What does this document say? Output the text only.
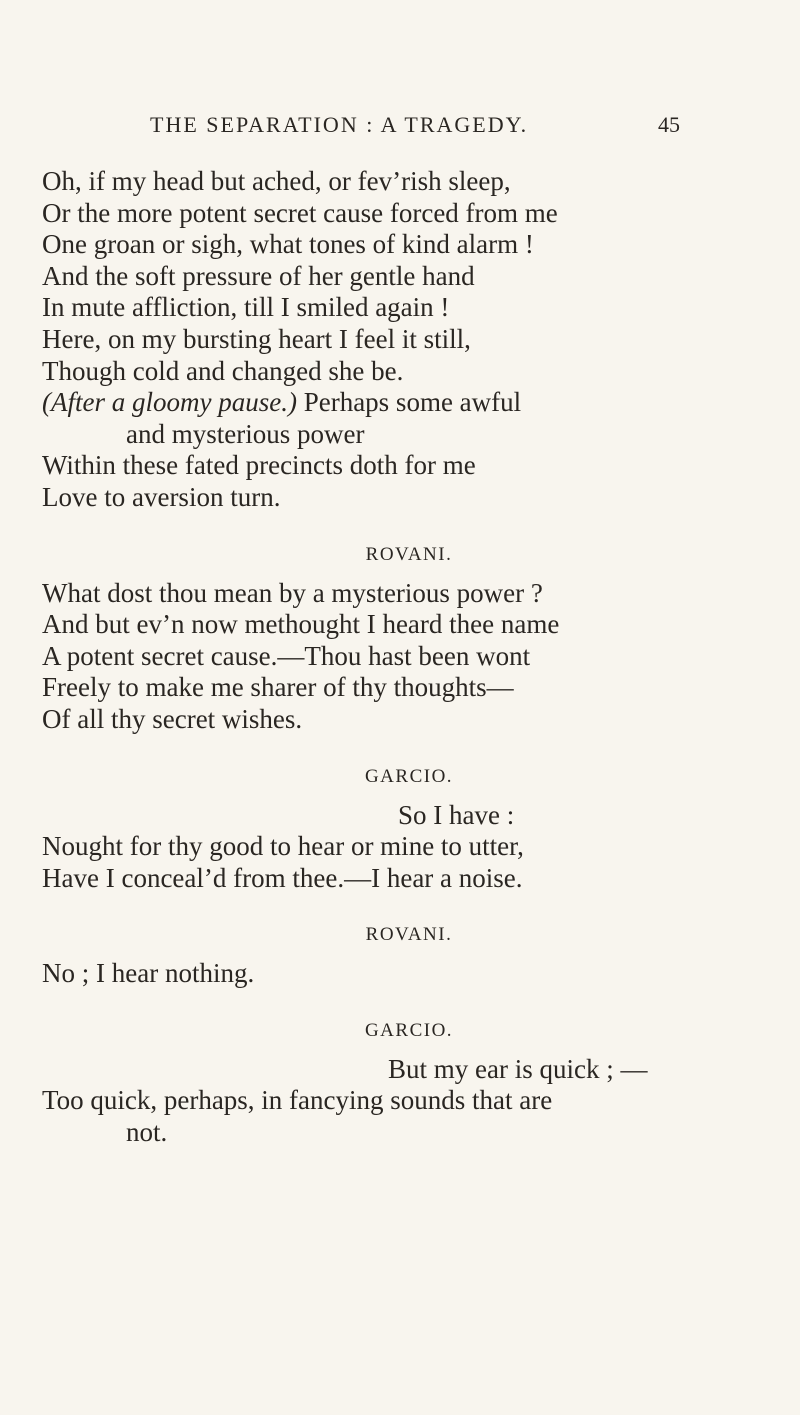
THE SEPARATION : A TRAGEDY.	45
Oh, if my head but ached, or fev’rish sleep,
Or the more potent secret cause forced from me
One groan or sigh, what tones of kind alarm !
And the soft pressure of her gentle hand
In mute affliction, till I smiled again !
Here, on my bursting heart I feel it still,
Though cold and changed she be.
(After a gloomy pause.) Perhaps some awful
and mysterious power
Within these fated precincts doth for me
Love to aversion turn.
ROVANI.
What dost thou mean by a mysterious power ?
And but ev’n now methought I heard thee name
A potent secret cause.—Thou hast been wont
Freely to make me sharer of thy thoughts—
Of all thy secret wishes.
GARCIO.
So I have :
Nought for thy good to hear or mine to utter,
Have I conceal’d from thee.—I hear a noise.
ROVANI.
No ; I hear nothing.
GARCIO.
But my ear is quick ; —
Too quick, perhaps, in fancying sounds that are
not.
